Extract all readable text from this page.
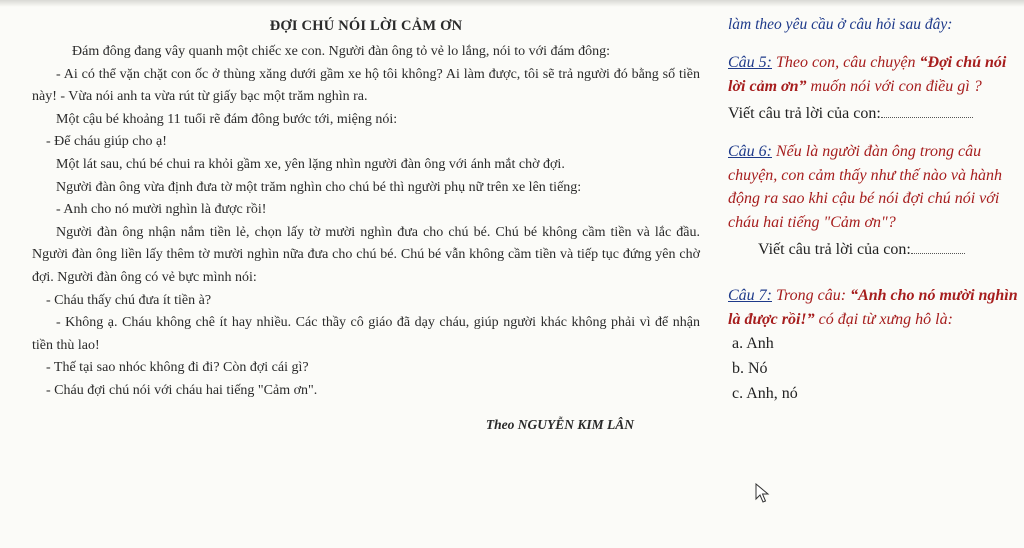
ĐỢI CHÚ NÓI LỜI CẢM ƠN

Đám đông đang vây quanh một chiếc xe con. Người đàn ông tỏ vẻ lo lắng, nói to với đám đông:

- Ai có thể vặn chặt con ốc ở thùng xăng dưới gầm xe hộ tôi không? Ai làm được, tôi sẽ trả người đó bằng số tiền này! - Vừa nói anh ta vừa rút từ giấy bạc một trăm nghìn ra.

Một cậu bé khoảng 11 tuổi rẽ đám đông bước tới, miệng nói:

- Để cháu giúp cho ạ!

Một lát sau, chú bé chui ra khỏi gầm xe, yên lặng nhìn người đàn ông với ánh mắt chờ đợi.

Người đàn ông vừa định đưa tờ một trăm nghìn cho chú bé thì người phụ nữ trên xe lên tiếng:

- Anh cho nó mười nghìn là được rồi!

Người đàn ông nhận nắm tiền lẻ, chọn lấy tờ mười nghìn đưa cho chú bé. Chú bé không cầm tiền và lắc đầu. Người đàn ông liền lấy thêm tờ mười nghìn nữa đưa cho chú bé. Chú bé vẫn không cầm tiền và tiếp tục đứng yên chờ đợi. Người đàn ông có vẻ bực mình nói:

- Cháu thấy chú đưa ít tiền à?

- Không ạ. Cháu không chê ít hay nhiều. Các thầy cô giáo đã dạy cháu, giúp người khác không phải vì để nhận tiền thù lao!

- Thế tại sao nhóc không đi đi? Còn đợi cái gì?

- Cháu đợi chú nói với cháu hai tiếng "Cảm ơn".

Theo NGUYỄN KIM LÂN

làm theo yêu cầu ở câu hỏi sau đây:

Câu 5: Theo con, câu chuyện “Đợi chú nói lời cảm ơn” muốn nói với con điều gì ?

Viết câu trả lời của con:

Câu 6: Nếu là người đàn ông trong câu chuyện, con cảm thấy như thế nào và hành động ra sao khi cậu bé nói đợi chú nói với cháu hai tiếng "Cảm ơn"?

Viết câu trả lời của con:

Câu 7: Trong câu: “Anh cho nó mười nghìn là được rồi!” có đại từ xưng hô là:

a. Anh

b. Nó

c. Anh, nó
